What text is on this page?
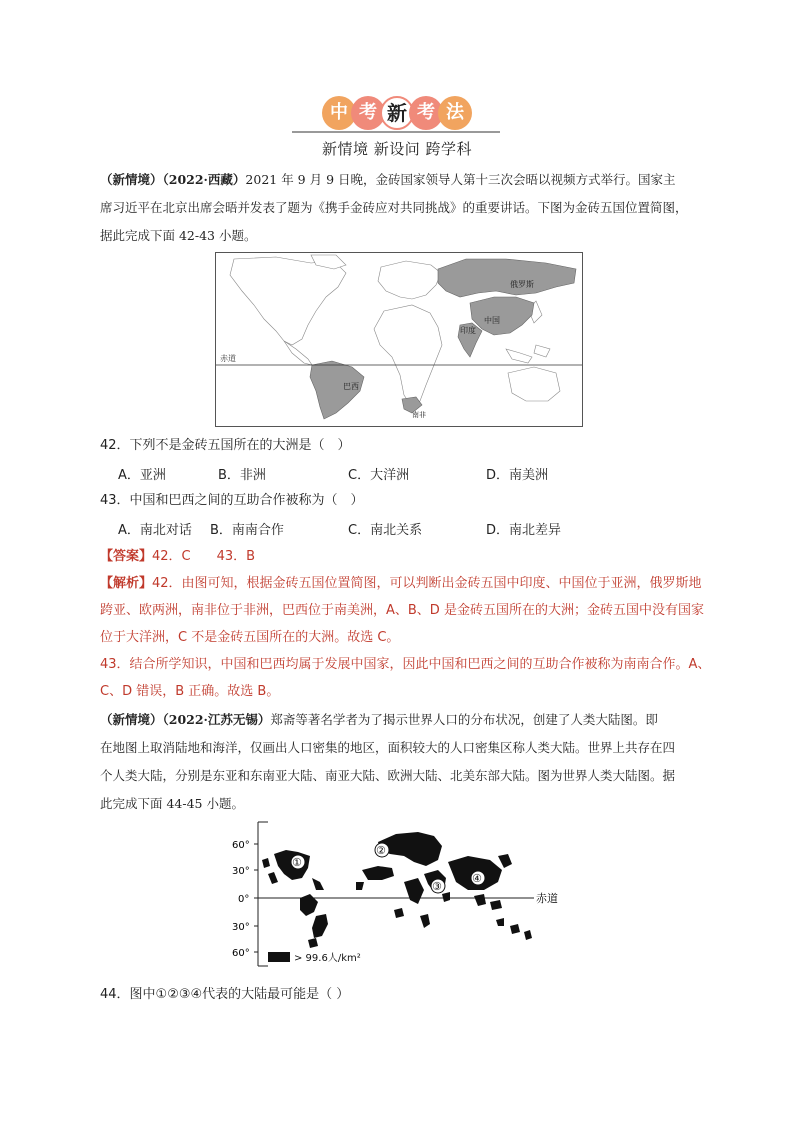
中 考 新 考 法
新情境 新设问 跨学科
（新情境）（2022·西藏）2021 年 9 月 9 日晚，金砖国家领导人第十三次会晤以视频方式举行。国家主
席习近平在北京出席会晤并发表了题为《携手金砖应对共同挑战》的重要讲话。下图为金砖五国位置简图，
据此完成下面 42-43 小题。
赤道
俄罗斯
中国
印度
巴西
南非
42．下列不是金砖五国所在的大洲是（　）
A．亚洲	B．非洲	C．大洋洲	D．南美洲
43．中国和巴西之间的互助合作被称为（　）
A．南北对话 B．南南合作	C．南北关系	D．南北差异
【答案】42．C　　43．B
【解析】42．由图可知，根据金砖五国位置简图，可以判断出金砖五国中印度、中国位于亚洲，俄罗斯地
跨亚、欧两洲，南非位于非洲，巴西位于南美洲，A、B、D 是金砖五国所在的大洲；金砖五国中没有国家
位于大洋洲，C 不是金砖五国所在的大洲。故选 C。
43．结合所学知识，中国和巴西均属于发展中国家，因此中国和巴西之间的互助合作被称为南南合作。A、
C、D 错误，B 正确。故选 B。
（新情境）（2022·江苏无锡）郑斋等著名学者为了揭示世界人口的分布状况，创建了人类大陆图。即
在地图上取消陆地和海洋，仅画出人口密集的地区，面积较大的人口密集区称人类大陆。世界上共存在四
个人类大陆，分别是东亚和东南亚大陆、南亚大陆、欧洲大陆、北美东部大陆。图为世界人类大陆图。据
此完成下面 44-45 小题。
60°
30°
0°
30°
60°
赤道
①
②
③
④
> 99.6人/km²
44．图中①②③④代表的大陆最可能是（ ）
